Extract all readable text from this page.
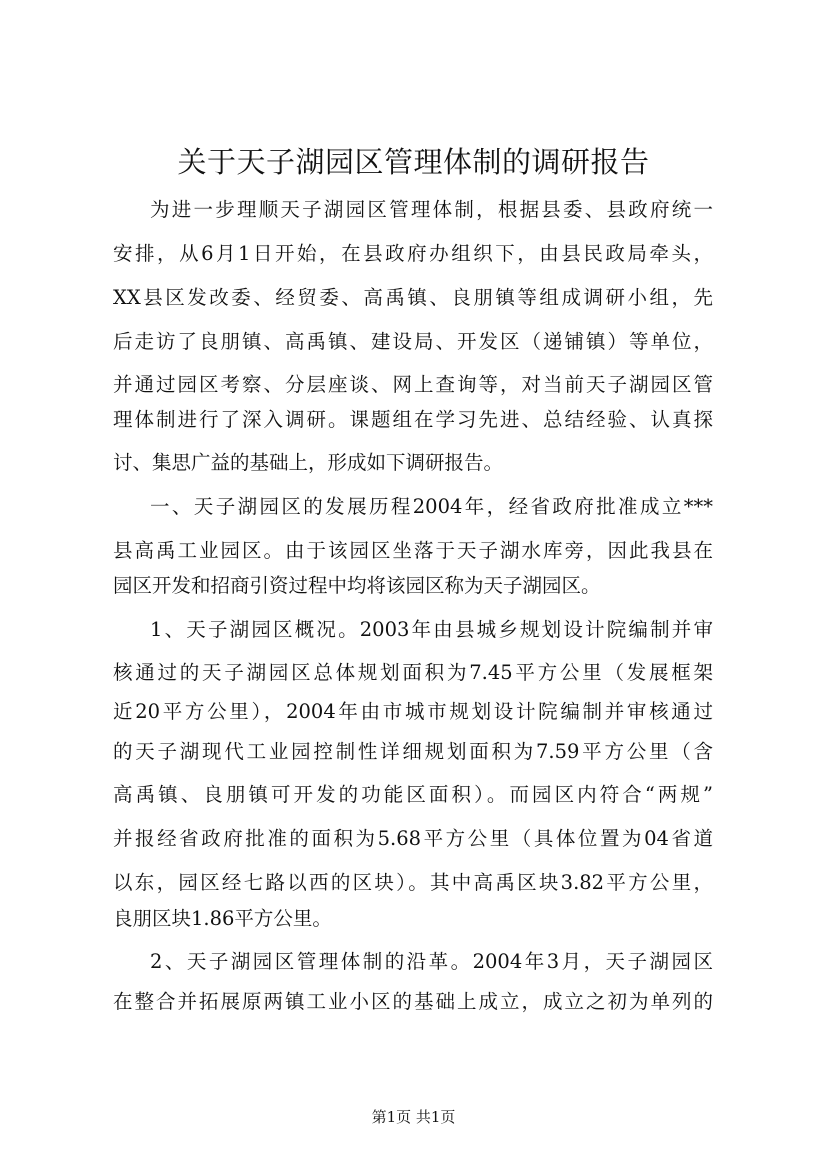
关于天子湖园区管理体制的调研报告
为进一步理顺天子湖园区管理体制，根据县委、县政府统一
安排，从6月1日开始，在县政府办组织下，由县民政局牵头，
XX县区发改委、经贸委、高禹镇、良朋镇等组成调研小组，先
后走访了良朋镇、高禹镇、建设局、开发区（递铺镇）等单位，
并通过园区考察、分层座谈、网上查询等，对当前天子湖园区管
理体制进行了深入调研。课题组在学习先进、总结经验、认真探
讨、集思广益的基础上，形成如下调研报告。
一、天子湖园区的发展历程2004年，经省政府批准成立***
县高禹工业园区。由于该园区坐落于天子湖水库旁，因此我县在
园区开发和招商引资过程中均将该园区称为天子湖园区。
1、天子湖园区概况。2003年由县城乡规划设计院编制并审
核通过的天子湖园区总体规划面积为7.45平方公里（发展框架
近20平方公里），2004年由市城市规划设计院编制并审核通过
的天子湖现代工业园控制性详细规划面积为7.59平方公里（含
高禹镇、良朋镇可开发的功能区面积）。而园区内符合“两规”
并报经省政府批准的面积为5.68平方公里（具体位置为04省道
以东，园区经七路以西的区块）。其中高禹区块3.82平方公里，
良朋区块1.86平方公里。
2、天子湖园区管理体制的沿革。2004年3月，天子湖园区
在整合并拓展原两镇工业小区的基础上成立，成立之初为单列的
第1页 共1页
